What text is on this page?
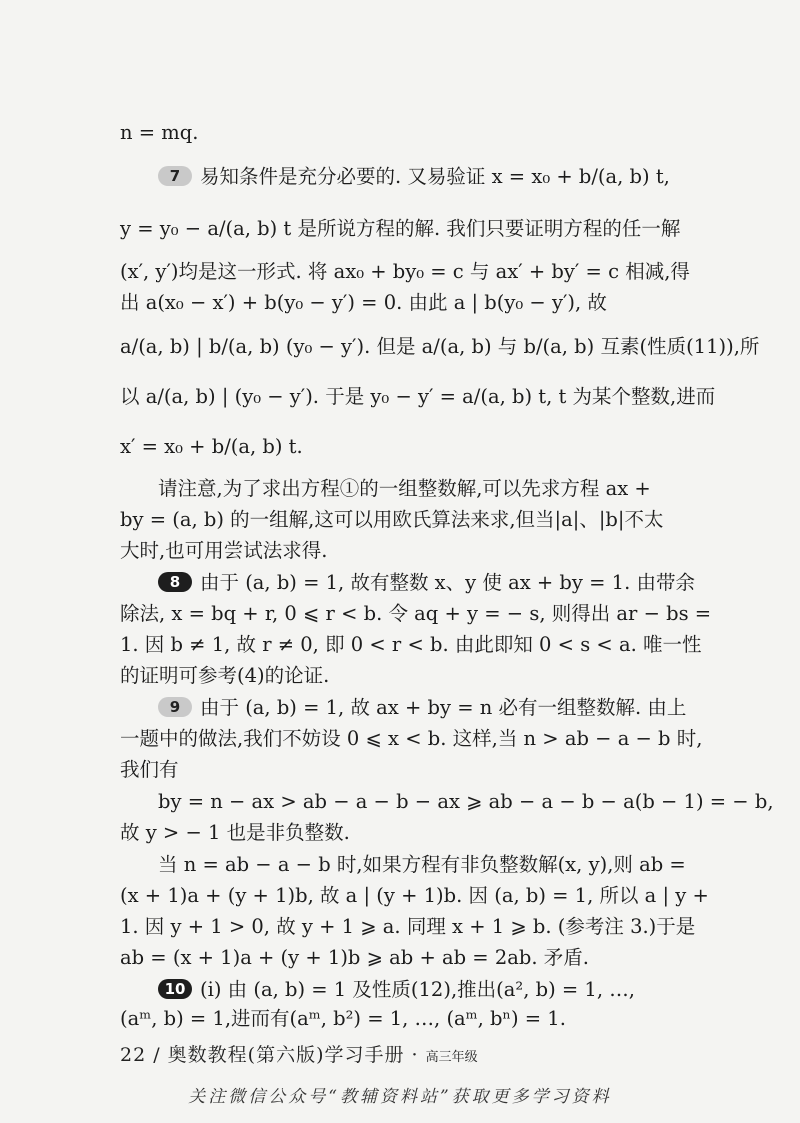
n = mq.
7 易知条件是充分必要的. 又易验证 x = x₀ + b/(a, b) t,
y = y₀ − a/(a, b) t 是所说方程的解. 我们只要证明方程的任一解
(x′, y′)均是这一形式. 将 ax₀ + by₀ = c 与 ax′ + by′ = c 相减,得
出 a(x₀ − x′) + b(y₀ − y′) = 0. 由此 a | b(y₀ − y′), 故
a/(a, b) | b/(a, b) (y₀ − y′). 但是 a/(a, b) 与 b/(a, b) 互素(性质(11)),所
以 a/(a, b) | (y₀ − y′). 于是 y₀ − y′ = a/(a, b) t, t 为某个整数,进而
x′ = x₀ + b/(a, b) t.
请注意,为了求出方程①的一组整数解,可以先求方程 ax +
by = (a, b) 的一组解,这可以用欧氏算法来求,但当|a|、|b|不太
大时,也可用尝试法求得.
8 由于 (a, b) = 1, 故有整数 x、y 使 ax + by = 1. 由带余
除法, x = bq + r, 0 ⩽ r < b. 令 aq + y = − s, 则得出 ar − bs =
1. 因 b ≠ 1, 故 r ≠ 0, 即 0 < r < b. 由此即知 0 < s < a. 唯一性
的证明可参考(4)的论证.
9 由于 (a, b) = 1, 故 ax + by = n 必有一组整数解. 由上
一题中的做法,我们不妨设 0 ⩽ x < b. 这样,当 n > ab − a − b 时,
我们有
by = n − ax > ab − a − b − ax ⩾ ab − a − b − a(b − 1) = − b,
故 y > − 1 也是非负整数.
当 n = ab − a − b 时,如果方程有非负整数解(x, y),则 ab =
(x + 1)a + (y + 1)b, 故 a | (y + 1)b. 因 (a, b) = 1, 所以 a | y +
1. 因 y + 1 > 0, 故 y + 1 ⩾ a. 同理 x + 1 ⩾ b. (参考注 3.)于是
ab = (x + 1)a + (y + 1)b ⩾ ab + ab = 2ab. 矛盾.
10 (i) 由 (a, b) = 1 及性质(12),推出(a², b) = 1, …,
(aᵐ, b) = 1,进而有(aᵐ, b²) = 1, …, (aᵐ, bⁿ) = 1.
22 / 奥数教程(第六版)学习手册 · 高三年级
关注微信公众号“教辅资料站”获取更多学习资料
